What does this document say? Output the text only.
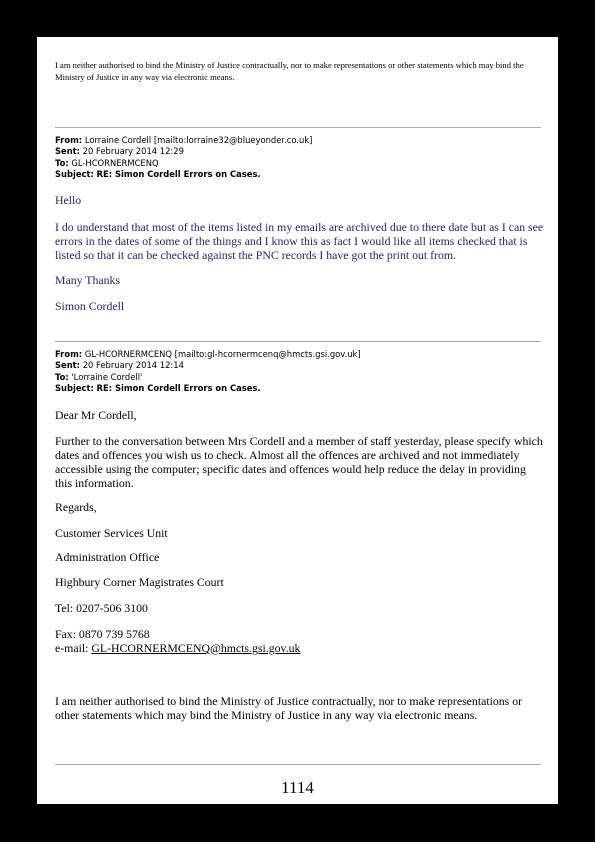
I am neither authorised to bind the Ministry of Justice contractually, nor to make representations or other statements which may bind the Ministry of Justice in any way via electronic means.
From: Lorraine Cordell [mailto:lorraine32@blueyonder.co.uk]
Sent: 20 February 2014 12:29
To: GL-HCORNERMCENQ
Subject: RE: Simon Cordell Errors on Cases.
Hello
I do understand that most of the items listed in my emails are archived due to there date but as I can see errors in the dates of some of the things and I know this as fact I would like all items checked that is listed so that it can be checked against the PNC records I have got the print out from.
Many Thanks
Simon Cordell
From: GL-HCORNERMCENQ [mailto:gl-hcornermcenq@hmcts.gsi.gov.uk]
Sent: 20 February 2014 12:14
To: 'Lorraine Cordell'
Subject: RE: Simon Cordell Errors on Cases.
Dear Mr Cordell,
Further to the conversation between Mrs Cordell and a member of staff yesterday, please specify which dates and offences you wish us to check. Almost all the offences are archived and not immediately accessible using the computer; specific dates and offences would help reduce the delay in providing this information.
Regards,
Customer Services Unit
Administration Office
Highbury Corner Magistrates Court
Tel: 0207-506 3100
Fax: 0870 739 5768
e-mail: GL-HCORNERMCENQ@hmcts.gsi.gov.uk
I am neither authorised to bind the Ministry of Justice contractually, nor to make representations or other statements which may bind the Ministry of Justice in any way via electronic means.
1114
